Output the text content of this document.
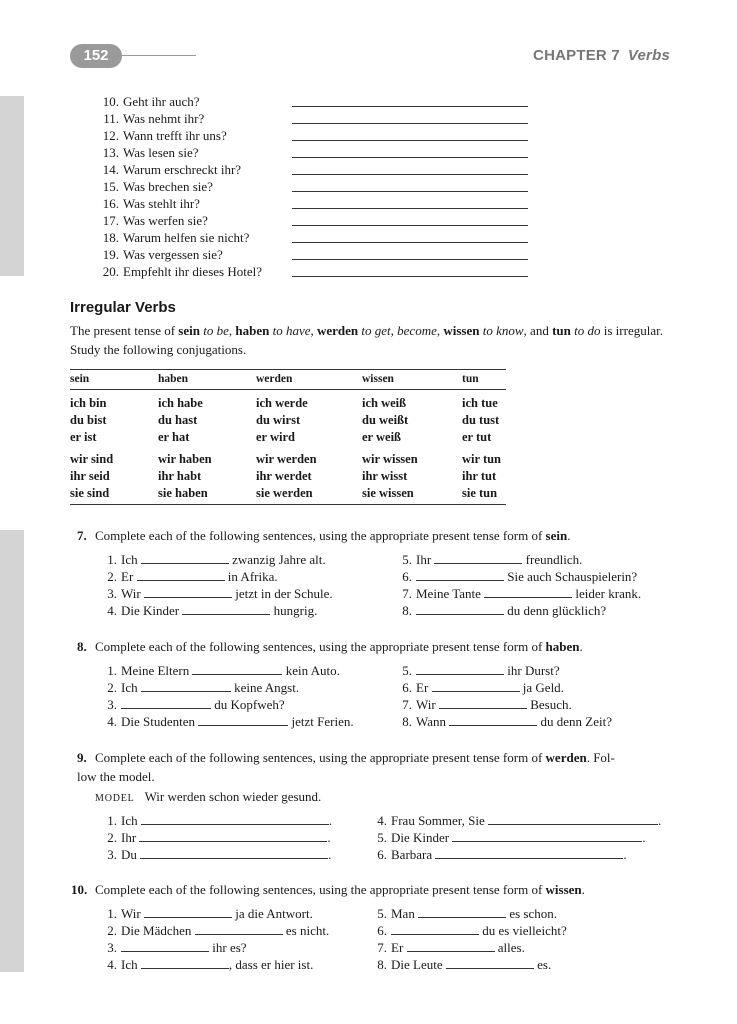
152	CHAPTER 7 Verbs
10. Geht ihr auch?
11. Was nehmt ihr?
12. Wann trefft ihr uns?
13. Was lesen sie?
14. Warum erschreckt ihr?
15. Was brechen sie?
16. Was stehlt ihr?
17. Was werfen sie?
18. Warum helfen sie nicht?
19. Was vergessen sie?
20. Empfehlt ihr dieses Hotel?
Irregular Verbs
The present tense of sein to be, haben to have, werden to get, become, wissen to know, and tun to do is irregular. Study the following conjugations.
sein	haben	werden	wissen	tun
ich bin	ich habe	ich werde	ich weiß	ich tue
du bist	du hast	du wirst	du weißt	du tust
er ist	er hat	er wird	er weiß	er tut
wir sind	wir haben	wir werden	wir wissen	wir tun
ihr seid	ihr habt	ihr werdet	ihr wisst	ihr tut
sie sind	sie haben	sie werden	sie wissen	sie tun
7. Complete each of the following sentences, using the appropriate present tense form of sein.
1. Ich	zwanzig Jahre alt.
2. Er	in Afrika.
3. Wir	jetzt in der Schule.
4. Die Kinder	hungrig.
5. Ihr	freundlich.
6.	Sie auch Schauspielerin?
7. Meine Tante	leider krank.
8.	du denn glücklich?
8. Complete each of the following sentences, using the appropriate present tense form of haben.
1. Meine Eltern	kein Auto.
2. Ich	keine Angst.
3.	du Kopfweh?
4. Die Studenten	jetzt Ferien.
5.	ihr Durst?
6. Er	ja Geld.
7. Wir	Besuch.
8. Wann	du denn Zeit?
9. Complete each of the following sentences, using the appropriate present tense form of werden. Fol-
low the model.
MODEL Wir werden schon wieder gesund.
1. Ich	.
2. Ihr	.
3. Du	.
4. Frau Sommer, Sie	.
5. Die Kinder	.
6. Barbara	.
10. Complete each of the following sentences, using the appropriate present tense form of wissen.
1. Wir	ja die Antwort.
2. Die Mädchen	es nicht.
3.	ihr es?
4. Ich	, dass er hier ist.
5. Man	es schon.
6.	du es vielleicht?
7. Er	alles.
8. Die Leute	es.
